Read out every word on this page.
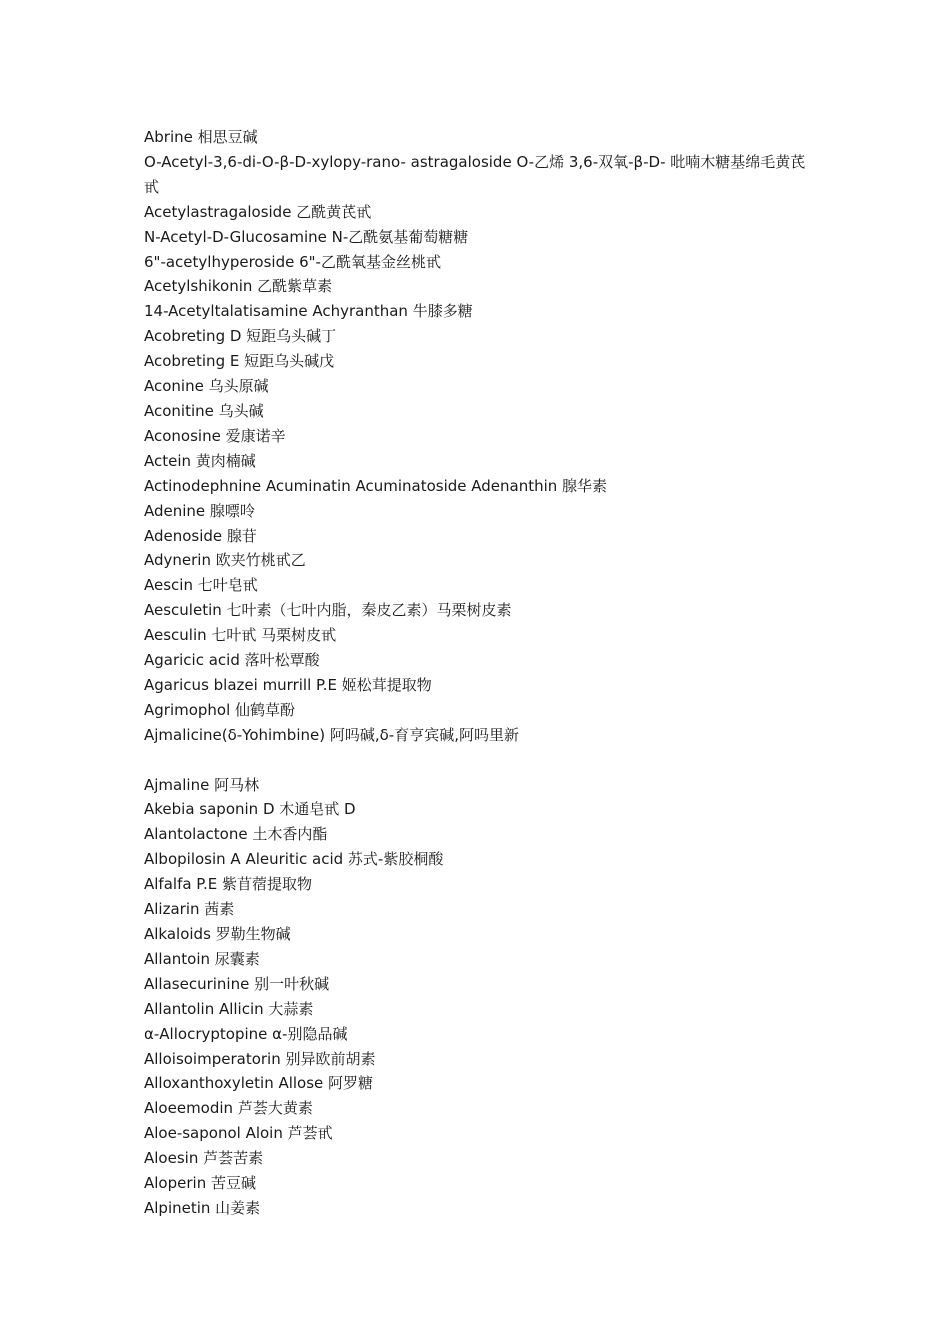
Abrine 相思豆碱
O-Acetyl-3,6-di-O-β-D-xylopy-rano- astragaloside O-乙烯 3,6-双氧-β-D- 吡喃木糖基绵毛黄芪甙
Acetylastragaloside 乙酰黄芪甙
N-Acetyl-D-Glucosamine N-乙酰氨基葡萄糖糖
6"-acetylhyperoside 6"-乙酰氧基金丝桃甙
Acetylshikonin 乙酰紫草素
14-Acetyltalatisamine Achyranthan 牛膝多糖
Acobreting D 短距乌头碱丁
Acobreting E 短距乌头碱戊
Aconine 乌头原碱
Aconitine 乌头碱
Aconosine 爱康诺辛
Actein 黄肉楠碱
Actinodephnine Acuminatin Acuminatoside Adenanthin 腺华素
Adenine 腺嘌呤
Adenoside 腺苷
Adynerin 欧夹竹桃甙乙
Aescin 七叶皂甙
Aesculetin 七叶素（七叶内脂，秦皮乙素）马栗树皮素
Aesculin 七叶甙 马栗树皮甙
Agaricic acid 落叶松覃酸
Agaricus blazei murrill P.E 姬松茸提取物
Agrimophol 仙鹤草酚
Ajmalicine(δ-Yohimbine) 阿吗碱,δ-育亨宾碱,阿吗里新
Ajmaline 阿马林
Akebia saponin D 木通皂甙 D
Alantolactone 土木香内酯
Albopilosin A Aleuritic acid 苏式-紫胶桐酸
Alfalfa P.E 紫苜蓿提取物
Alizarin 茜素
Alkaloids 罗勒生物碱
Allantoin 尿囊素
Allasecurinine 别一叶秋碱
Allantolin Allicin 大蒜素
α-Allocryptopine α-别隐品碱
Alloisoimperatorin 别异欧前胡素
Alloxanthoxyletin Allose 阿罗糖
Aloeemodin 芦荟大黄素
Aloe-saponol Aloin 芦荟甙
Aloesin 芦荟苦素
Aloperin 苦豆碱
Alpinetin 山姜素
